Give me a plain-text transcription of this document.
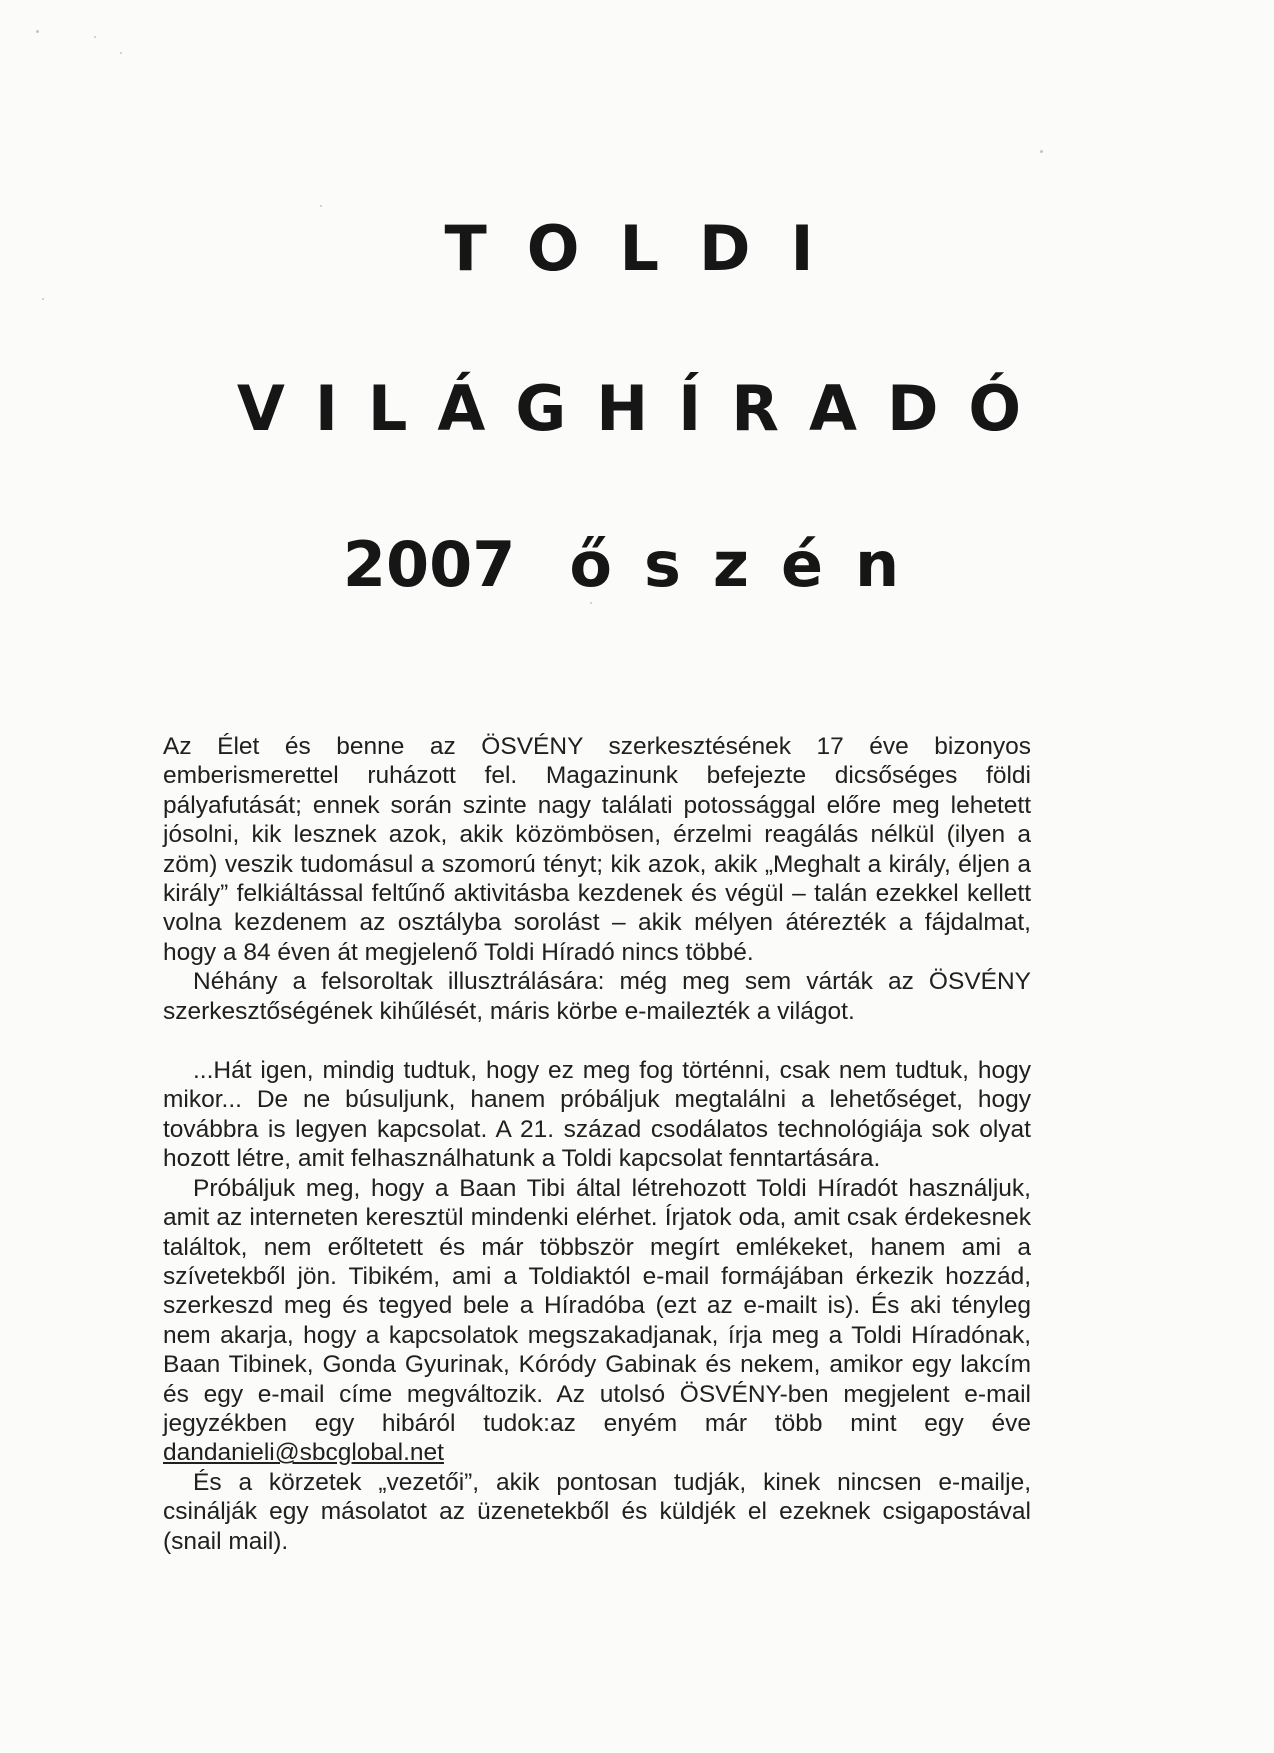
TOLDI
VILÁGHÍRADÓ
2007 őszén

Az Élet és benne az ÖSVÉNY szerkesztésének 17 éve bizonyos emberismerettel ruházott fel. Magazinunk befejezte dicsőséges földi pályafutását; ennek során szinte nagy találati potossággal előre meg lehetett jósolni, kik lesznek azok, akik közömbösen, érzelmi reagálás nélkül (ilyen a zöm) veszik tudomásul a szomorú tényt; kik azok, akik „Meghalt a király, éljen a király” felkiáltással feltűnő aktivitásba kezdenek és végül – talán ezekkel kellett volna kezdenem az osztályba sorolást – akik mélyen átérezték a fájdalmat, hogy a 84 éven át megjelenő Toldi Híradó nincs többé.

Néhány a felsoroltak illusztrálására: még meg sem várták az ÖSVÉNY szerkesztőségének kihűlését, máris körbe e-mailezték a világot.

...Hát igen, mindig tudtuk, hogy ez meg fog történni, csak nem tudtuk, hogy mikor... De ne búsuljunk, hanem próbáljuk megtalálni a lehetőséget, hogy továbbra is legyen kapcsolat. A 21. század csodálatos technológiája sok olyat hozott létre, amit felhasználhatunk a Toldi kapcsolat fenntartására.

Próbáljuk meg, hogy a Baan Tibi által létrehozott Toldi Híradót használjuk, amit az interneten keresztül mindenki elérhet. Írjatok oda, amit csak érdekesnek találtok, nem erőltetett és már többször megírt emlékeket, hanem ami a szívetekből jön. Tibikém, ami a Toldiaktól e-mail formájában érkezik hozzád, szerkeszd meg és tegyed bele a Híradóba (ezt az e-mailt is). És aki tényleg nem akarja, hogy a kapcsolatok megszakadjanak, írja meg a Toldi Híradónak, Baan Tibinek, Gonda Gyurinak, Kóródy Gabinak és nekem, amikor egy lakcím és egy e-mail címe megváltozik. Az utolsó ÖSVÉNY-ben megjelent e-mail jegyzékben egy hibáról tudok:az enyém már több mint egy éve dandanieli@sbcglobal.net

És a körzetek „vezetői”, akik pontosan tudják, kinek nincsen e-mailje, csinálják egy másolatot az üzenetekből és küldjék el ezeknek csigapostával (snail mail).
